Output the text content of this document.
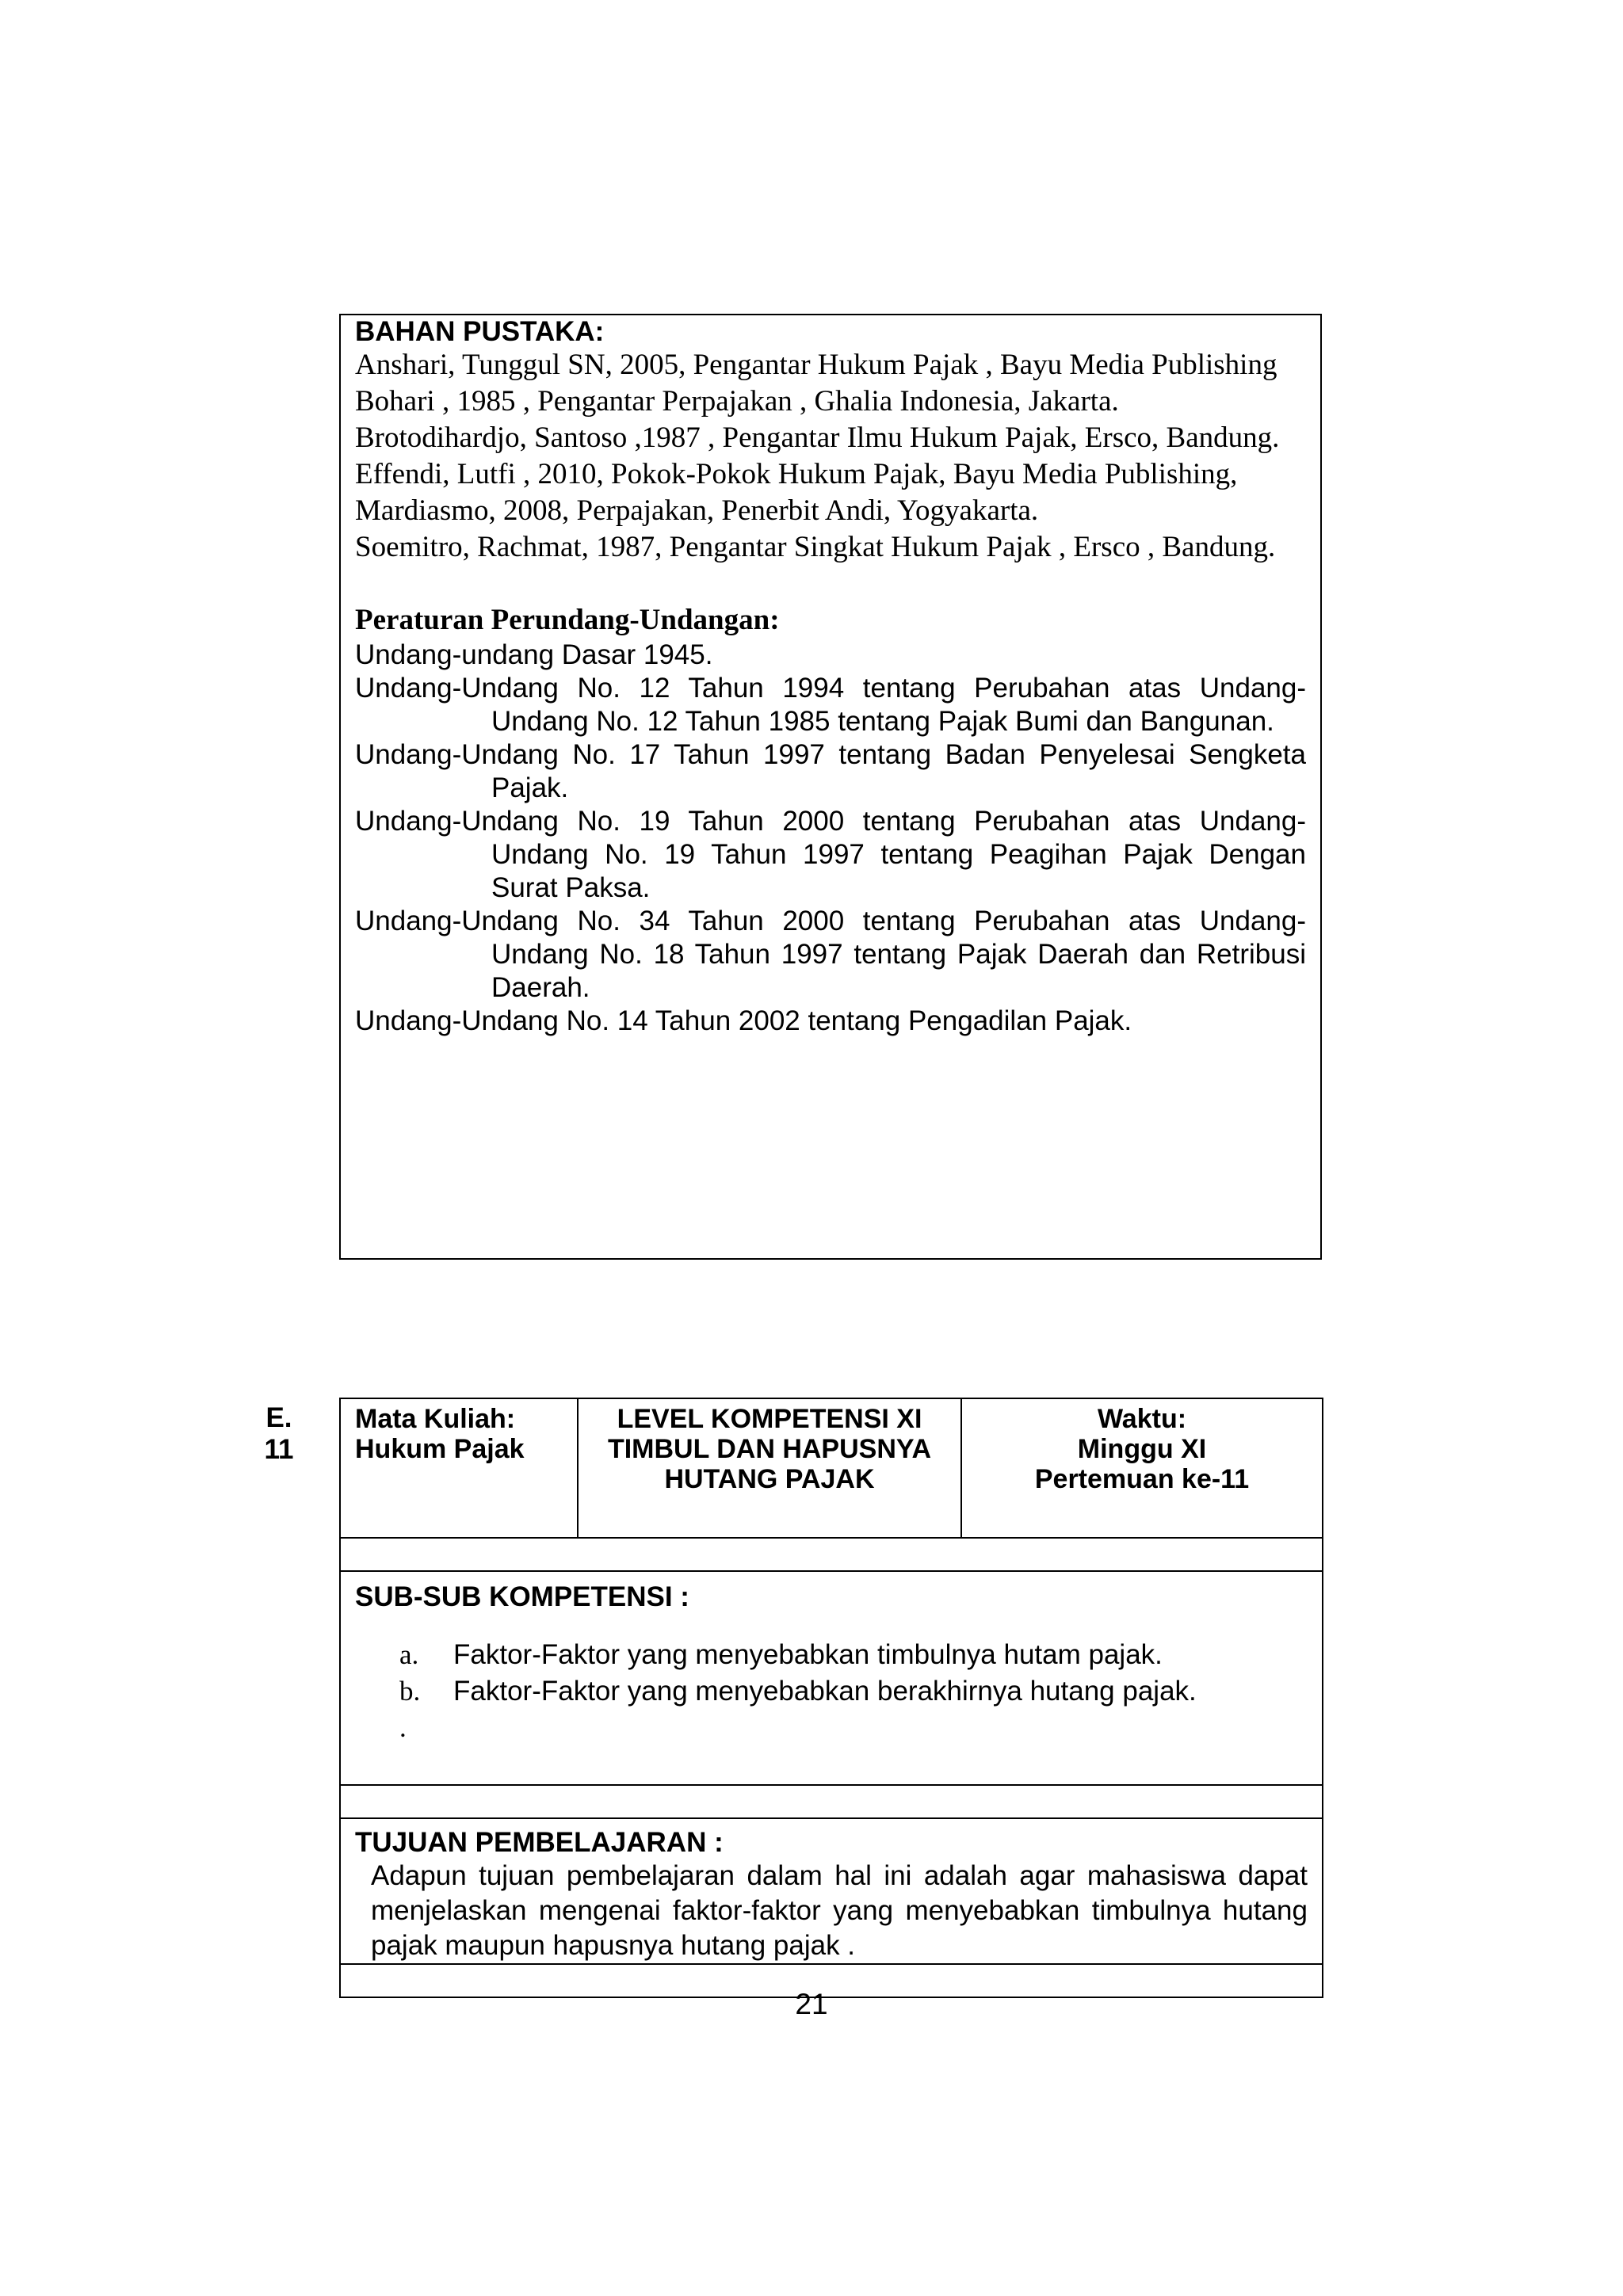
BAHAN PUSTAKA:
Anshari, Tunggul SN, 2005, Pengantar Hukum Pajak , Bayu Media Publishing
Bohari , 1985 , Pengantar Perpajakan , Ghalia Indonesia, Jakarta.
Brotodihardjo, Santoso ,1987 , Pengantar Ilmu Hukum Pajak, Ersco, Bandung.
Effendi, Lutfi , 2010, Pokok-Pokok Hukum Pajak, Bayu Media Publishing,
Mardiasmo, 2008, Perpajakan, Penerbit Andi, Yogyakarta.
Soemitro, Rachmat, 1987, Pengantar Singkat Hukum Pajak , Ersco , Bandung.
Peraturan Perundang-Undangan:
Undang-undang Dasar 1945.
Undang-Undang No. 12 Tahun 1994 tentang Perubahan atas Undang-Undang No. 12 Tahun 1985 tentang Pajak Bumi dan Bangunan.
Undang-Undang No. 17 Tahun 1997 tentang Badan Penyelesai Sengketa Pajak.
Undang-Undang No. 19 Tahun 2000 tentang Perubahan atas Undang-Undang No. 19 Tahun 1997 tentang Peagihan Pajak Dengan Surat Paksa.
Undang-Undang No. 34 Tahun 2000 tentang Perubahan atas Undang-Undang No. 18 Tahun 1997 tentang Pajak Daerah dan Retribusi Daerah.
Undang-Undang No. 14 Tahun 2002 tentang Pengadilan Pajak.
E.
11
Mata Kuliah:
Hukum Pajak

LEVEL KOMPETENSI XI TIMBUL DAN HAPUSNYA HUTANG PAJAK

Waktu:
Minggu XI
Pertemuan ke-11

SUB-SUB KOMPETENSI :
a.	Faktor-Faktor yang menyebabkan timbulnya hutam pajak.
b.	Faktor-Faktor yang menyebabkan berakhirnya hutang pajak.
.

TUJUAN PEMBELAJARAN :
Adapun tujuan pembelajaran dalam hal ini adalah agar mahasiswa dapat menjelaskan mengenai faktor-faktor yang menyebabkan timbulnya hutang pajak maupun hapusnya hutang pajak .

21
